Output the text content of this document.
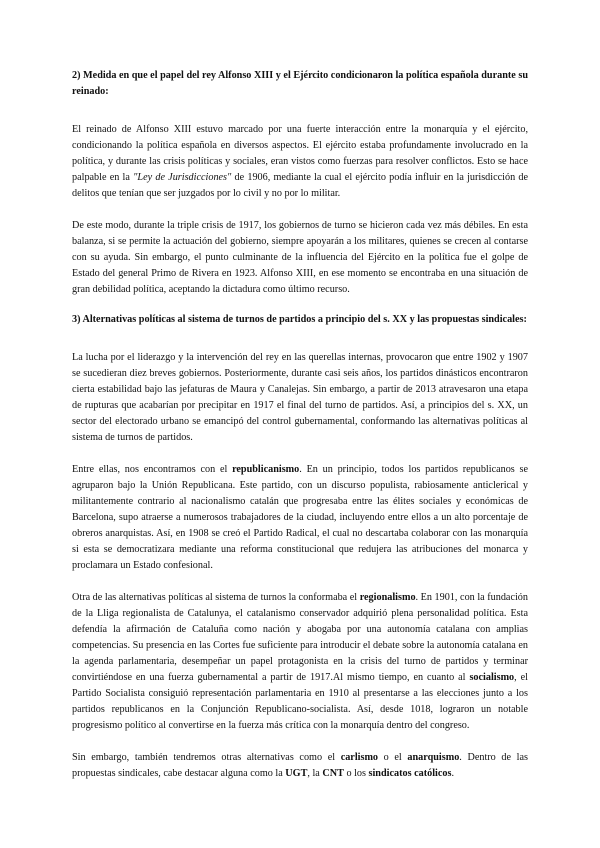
2) Medida en que el papel del rey Alfonso XIII y el Ejército condicionaron la política española durante su reinado:

El reinado de Alfonso XIII estuvo marcado por una fuerte interacción entre la monarquía y el ejército, condicionando la política española en diversos aspectos. El ejército estaba profundamente involucrado en la política, y durante las crisis políticas y sociales, eran vistos como fuerzas para resolver conflictos. Esto se hace palpable en la "Ley de Jurisdicciones" de 1906, mediante la cual el ejército podía influir en la jurisdicción de delitos que tenían que ser juzgados por lo civil y no por lo militar.

De este modo, durante la triple crisis de 1917, los gobiernos de turno se hicieron cada vez más débiles. En esta balanza, si se permite la actuación del gobierno, siempre apoyarán a los militares, quienes se crecen al contarse con su ayuda. Sin embargo, el punto culminante de la influencia del Ejército en la política fue el golpe de Estado del general Primo de Rivera en 1923. Alfonso XIII, en ese momento se encontraba en una situación de gran debilidad política, aceptando la dictadura como último recurso.

3) Alternativas políticas al sistema de turnos de partidos a principio del s. XX y las propuestas sindicales:

La lucha por el liderazgo y la intervención del rey en las querellas internas, provocaron que entre 1902 y 1907 se sucedieran diez breves gobiernos. Posteriormente, durante casi seis años, los partidos dinásticos encontraron cierta estabilidad bajo las jefaturas de Maura y Canalejas. Sin embargo, a partir de 2013 atravesaron una etapa de rupturas que acabarían por precipitar en 1917 el final del turno de partidos. Así, a principios del s. XX, un sector del electorado urbano se emancipó del control gubernamental, conformando las alternativas políticas al sistema de turnos de partidos.

Entre ellas, nos encontramos con el republicanismo. En un principio, todos los partidos republicanos se agruparon bajo la Unión Republicana. Este partido, con un discurso populista, rabiosamente anticlerical y militantemente contrario al nacionalismo catalán que progresaba entre las élites sociales y económicas de Barcelona, supo atraerse a numerosos trabajadores de la ciudad, incluyendo entre ellos a un alto porcentaje de obreros anarquistas. Así, en 1908 se creó el Partido Radical, el cual no descartaba colaborar con las monarquía si esta se democratizara mediante una reforma constitucional que redujera las atribuciones del monarca y proclamara un Estado confesional.

Otra de las alternativas políticas al sistema de turnos la conformaba el regionalismo. En 1901, con la fundación de la Lliga regionalista de Catalunya, el catalanismo conservador adquirió plena personalidad política. Esta defendía la afirmación de Cataluña como nación y abogaba por una autonomía catalana con amplias competencias. Su presencia en las Cortes fue suficiente para introducir el debate sobre la autonomía catalana en la agenda parlamentaria, desempeñar un papel protagonista en la crisis del turno de partidos y terminar convirtiéndose en una fuerza gubernamental a partir de 1917.Al mismo tiempo, en cuanto al socialismo, el Partido Socialista consiguió representación parlamentaria en 1910 al presentarse a las elecciones junto a los partidos republicanos en la Conjunción Republicano-socialista. Así, desde 1018, lograron un notable progresismo político al convertirse en la fuerza más crítica con la monarquía dentro del congreso.

Sin embargo, también tendremos otras alternativas como el carlismo o el anarquismo. Dentro de las propuestas sindicales, cabe destacar alguna como la UGT, la CNT o los sindicatos católicos.
